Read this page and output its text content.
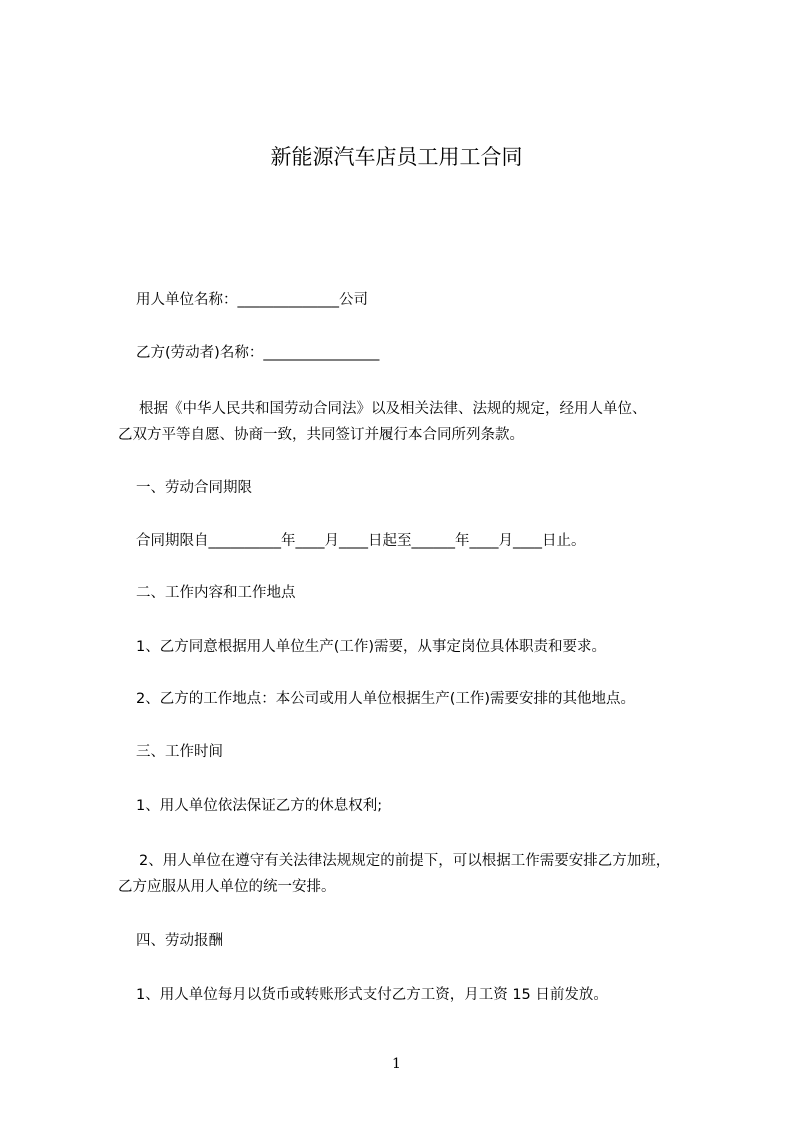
新能源汽车店员工用工合同
用人单位名称：______________公司
乙方(劳动者)名称：________________
根据《中华人民共和国劳动合同法》以及相关法律、法规的规定，经用人单位、
乙双方平等自愿、协商一致，共同签订并履行本合同所列条款。
一、劳动合同期限
合同期限自__________年____月____日起至______年____月____日止。
二、工作内容和工作地点
1、乙方同意根据用人单位生产(工作)需要，从事定岗位具体职责和要求。
2、乙方的工作地点：本公司或用人单位根据生产(工作)需要安排的其他地点。
三、工作时间
1、用人单位依法保证乙方的休息权利;
2、用人单位在遵守有关法律法规规定的前提下，可以根据工作需要安排乙方加班，
乙方应服从用人单位的统一安排。
四、劳动报酬
1、用人单位每月以货币或转账形式支付乙方工资，月工资 15 日前发放。
1
